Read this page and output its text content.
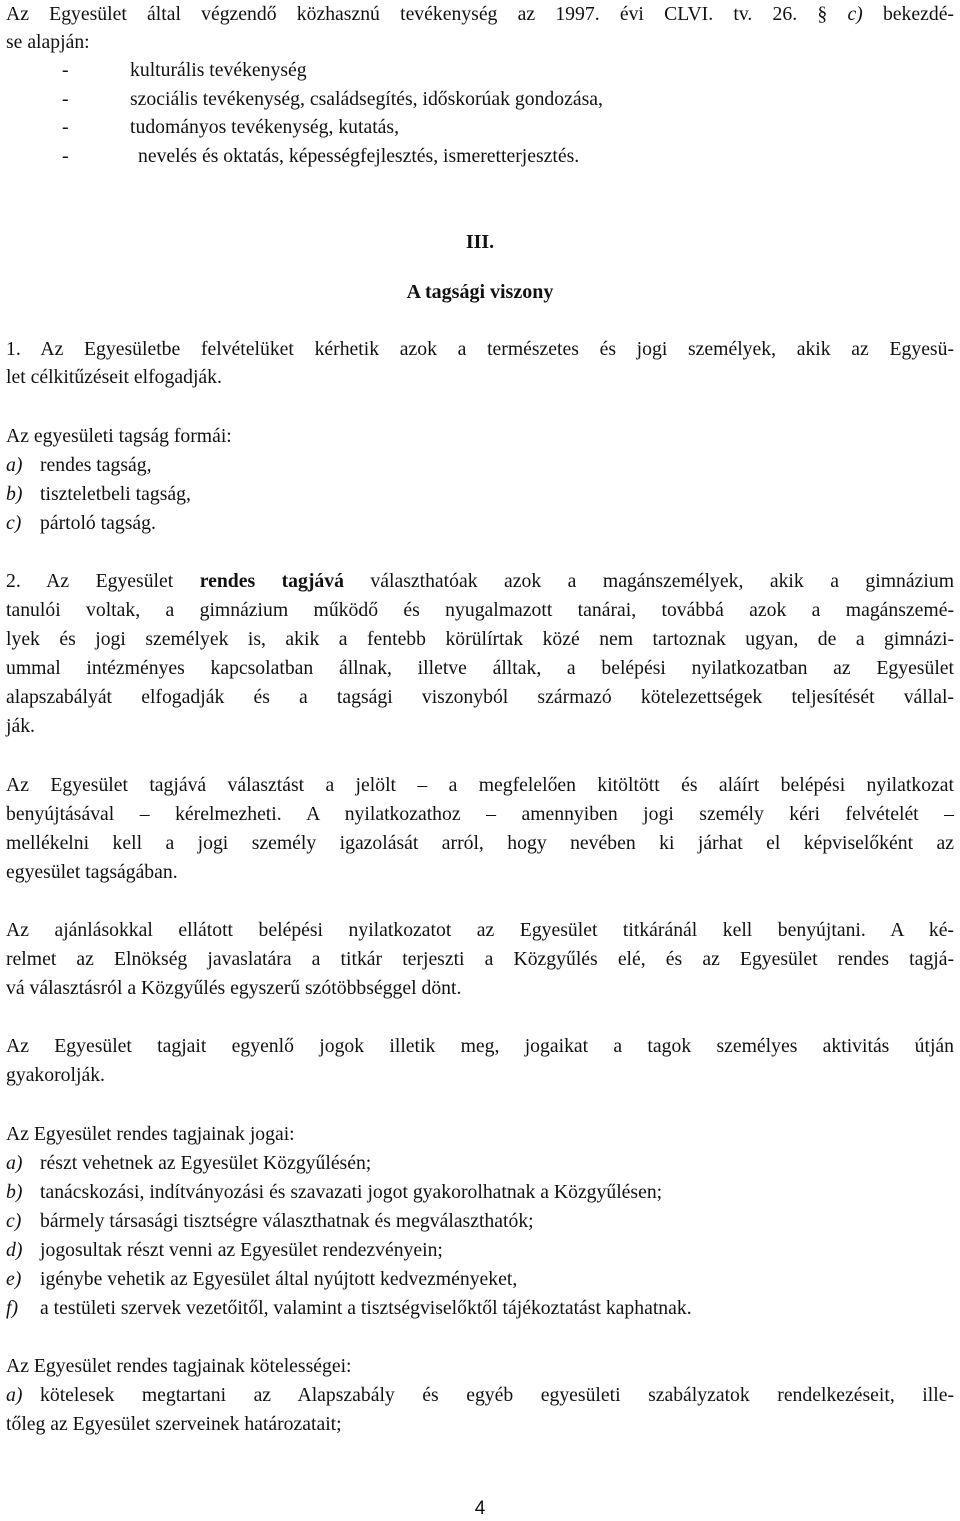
Az Egyesület által végzendő közhasznú tevékenység az 1997. évi CLVI. tv. 26. § c) bekezdé-

se alapján:

-	kulturális tevékenység

-	szociális tevékenység, családsegítés, időskorúak gondozása,

-	tudományos tevékenység, kutatás,

-	nevelés és oktatás, képességfejlesztés, ismeretterjesztés.

III.

A tagsági viszony

1. Az Egyesületbe felvételüket kérhetik azok a természetes és jogi személyek, akik az Egyesü-

let célkitűzéseit elfogadják.

Az egyesületi tagság formái:

a) rendes tagság,

b) tiszteletbeli tagság,

c) pártoló tagság.

2. Az Egyesület rendes tagjává választhatóak azok a magánszemélyek, akik a gimnázium

tanulói voltak, a gimnázium működő és nyugalmazott tanárai, továbbá azok a magánszemé-

lyek és jogi személyek is, akik a fentebb körülírtak közé nem tartoznak ugyan, de a gimnázi-

ummal intézményes kapcsolatban állnak, illetve álltak, a belépési nyilatkozatban az Egyesület

alapszabályát elfogadják és a tagsági viszonyból származó kötelezettségek teljesítését vállal-

ják.

Az Egyesület tagjává választást a jelölt – a megfelelően kitöltött és aláírt belépési nyilatkozat

benyújtásával – kérelmezheti. A nyilatkozathoz – amennyiben jogi személy kéri felvételét –

mellékelni kell a jogi személy igazolását arról, hogy nevében ki járhat el képviselőként az

egyesület tagságában.

Az ajánlásokkal ellátott belépési nyilatkozatot az Egyesület titkáránál kell benyújtani. A ké-

relmet az Elnökség javaslatára a titkár terjeszti a Közgyűlés elé, és az Egyesület rendes tagjá-

vá választásról a Közgyűlés egyszerű szótöbbséggel dönt.

Az Egyesület tagjait egyenlő jogok illetik meg, jogaikat a tagok személyes aktivitás útján

gyakorolják.

Az Egyesület rendes tagjainak jogai:

a) részt vehetnek az Egyesület Közgyűlésén;

b) tanácskozási, indítványozási és szavazati jogot gyakorolhatnak a Közgyűlésen;

c) bármely társasági tisztségre választhatnak és megválaszthatók;

d) jogosultak részt venni az Egyesület rendezvényein;

e) igénybe vehetik az Egyesület által nyújtott kedvezményeket,

f) a testületi szervek vezetőitől, valamint a tisztségviselőktől tájékoztatást kaphatnak.

Az Egyesület rendes tagjainak kötelességei:

a) kötelesek megtartani az Alapszabály és egyéb egyesületi szabályzatok rendelkezéseit, ille-

tőleg az Egyesület szerveinek határozatait;

4
